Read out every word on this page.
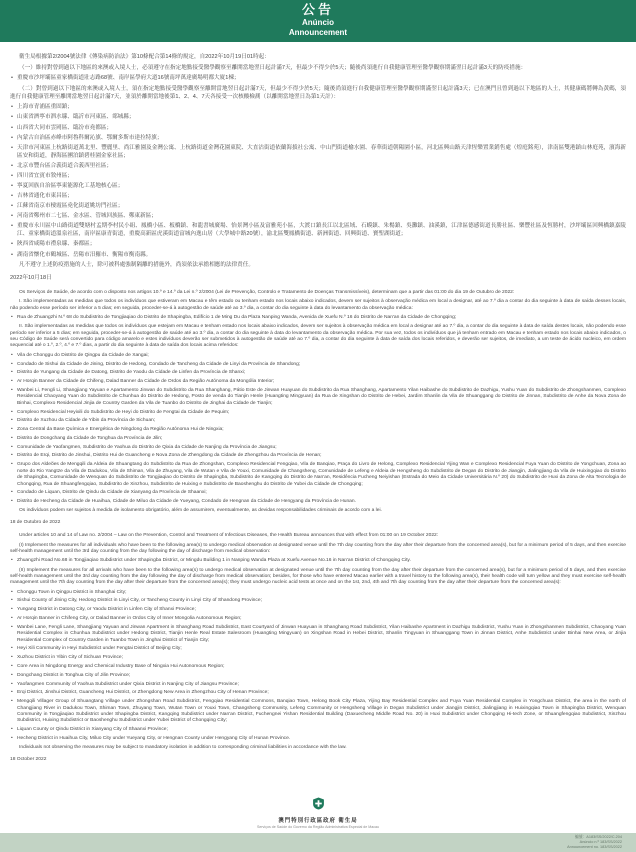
公告
Anúncio
Announcement

衛生局根據第2/2004號法律《傳染病防治法》第10條配合第14條的規定，自2022年10月19日01時起：

（一）維持對曾到過以下地區的來澳或入境人士，必須遵守在指定地點接受醫學觀察至離開當地翌日起計滿7天，但最少不得少於5天；隨後尚須進行自我健康管理至醫學觀察期滿翌日起計滿3天的防疫措施：

• 重慶市沙坪壩區童家橋街道壯志路68號、南岸區學府大道16號南坪萬達廣場明都大廈1棟；

（二）對曾到過以下地區的來澳或入境人士，須在指定地點接受醫學觀察至離開當地翌日起計滿7天，但最少不得少於5天；隨後尚須進行自我健康管理至醫學觀察期滿翌日起計滿3天；已在澳門且曾到過以下地區的人士，其健康碼將轉為黃碼，須進行自我健康管理至離開當地翌日起計滿7天，並須於離開當地後第1、2、4、7天各接受一次核酸檢測（以離開當地翌日為第1天計）：

• 上海市青浦區重固鎮；
• 山東省濟寧市泗水縣、臨沂市河東區、郯城縣；
• 山西省大同市雲岡區、臨汾市堯都區；
• 內蒙古自治區赤峰市阿魯科爾沁旗、鄂爾多斯市達拉特旗；
• 天津市河東區上杭路街道萬北里、豐麗里、尚江雅園及金灣公寓、上杭路街道金灣花園東院、大直沽街道依蘭海拔社公寓、中山門街道榆水園、春華街道朝陽園小區，河北區興山路天津恆樂置業銷售處（煌庭銘苑），津南區雙港鎮山林庭苑，濱海新區安和街道，靜海區團泊鎮碧桂園金家社區；
• 北京市豐台區合義街道合義西里社區；
• 四川省宜賓市敘州區；
• 寧夏回族自治區寧東能源化工基地核心區；
• 吉林省通化市東昌區；
• 江蘇省南京市棲霞區堯化街道姚坊門社區；
• 河南省鄭州市二七區、金水區、管城回族區、鄭東新區；
• 重慶市永川區中山路街道雙塘村孟期李村民小組、鳳橋小區、板橋鎮、和龍書城廣場、怡景灣小區及富雅苑小區，大渡口鎮長江以北區域、石蟆鎮、朱楊鎮、吳灘鎮、油溪鎮，江津區德感街道長勝社區、樂豐社區及恆勝村，沙坪壩區回興橋鎮嘉陵江、童家橋街道溫泉社區，南岸區康青街道，重慶高新區虎溪街道富城內逸山居（大學城中路20號），渝北區雙鳳橋街道、新洲街道、回興街道、寶聖湖街道；
• 陝西省咸陽市禮泉縣、秦都區；
• 湖南省懷化市鶴城區、岳陽市汨羅市、衡陽市衡南縣。

凡不遵守上述防疫措施的人士，除可被科處強制隔離的措施外，尚須依法承擔相應的法律責任。

2022年10月18日

Os Serviços de Saúde, de acordo com o disposto nos artigos 10.º e 14.º da Lei n.º 2/2004 (Lei de Prevenção, Controlo e Tratamento de Doenças Transmissíveis), determinam que a partir das 01:00 do dia 19 de Outubro de 2022:

I. São implementadas as medidas que todos os indivíduos que estiveram em Macau e têm estado ou tenham estado nos locais abaixo indicados, devem ser sujeitos à observação médica em local a designar, até ao 7.º dia a contar do dia seguinte à data de saída desses locais, não podendo esse período ser inferior a 5 dias; em seguida, proceder-se-á à autogestão de saúde até ao 3.º dia, a contar do dia seguinte à data do levantamento da observação médica:

• Rua de Zhuangzhi N.º 68 do Subdistrito de Tongjiaqiao do Distrito de Shapingba, Edifício 1 de Ming Du da Plaza Nanping Wanda, Avenida de Xuefu N.º 16 do Distrito de Nan'an da Cidade de Chongqing;

II. São implementadas as medidas que todos os indivíduos que estejam em Macau e tenham estado nos locais abaixo indicados, devem ser sujeitos à observação médica em local a designar até ao 7.º dia, a contar do dia seguinte à data de saída destes locais, não podendo esse período ser inferior a 5 dias; em seguida, proceder-se-á à autogestão de saúde até ao 3.º dia, a contar do dia seguinte à data do levantamento da observação médica. Por sua vez, todos os indivíduos que já tenham entrado em Macau e tenham estado nos locais abaixo indicados, o seu Código de Saúde será convertido para código amarelo e estes indivíduos deverão ser submetidos à autogestão de saúde até ao 7.º dia, a contar do dia seguinte à data de saída dos locais referidos, e deverão ser sujeitos, de imediato, a um teste de ácido nucleico, em ordem sequencial até o 1.º, 2.º, 4.º e 7.º dias, a partir do dia seguinte à data de saída dos locais acima referidos:

• Vila de Chonggu do Distrito de Qingpu da Cidade de Xangai;
• Condado de Sishui da Cidade de Jining, Distrito de Hedong, Condado de Tancheng da Cidade de Linyi da Província de Shandong;
• Distrito de Yungang da Cidade de Datong, Distrito de Yaodu da Cidade de Linfen da Província de Shanxi;
• Ar Horqin Banner da Cidade de Chifeng, Dalad Banner da Cidade de Ordos da Região Autónoma da Mongólia Interior;
• Wanbei Li, Fengli Li, Shangjiang Yayuan e Apartamento Jinwan do Subdistrito da Rua Shanghang, Pátio Este de Jinwan Huayuan do Subdistrito da Rua Shanghang, Apartamento Yilan Haibashe do Subdistrito de Dazhigu, Yushu Yuan do Subdistrito de Zhongshanmen, Complexo Residencial Chaoyang Yuan do Subdistrito de Chunhua do Distrito de Hedong, Posto de venda do Tianjin Henle (Huangting Mingyuan) da Rua de Xingshan do Distrito de Hebei, Jardim Shanlin da Vila de Shuanggang do Distrito de Jinnan, Subdistrito de Anhe da Nova Zona de Binhai, Complexo Residencial Jinjia de Country Garden da Vila de Tuanbo do Distrito de Jinghai da Cidade de Tianjin;
• Complexo Residencial Heyixili do Subdistrito de Heyi do Distrito de Fengtai da Cidade de Pequim;
• Distrito de Xuzhou da Cidade de Yibin da Província de Sichuan;
• Zona Central da Base Química e Energética de Ningdong da Região Autónoma Hui de Ningxia;
• Distrito de Dongchang da Cidade de Tonghua da Província de Jilin;
• Comunidade de Yaofangmen, Subdistrito de Yaohua do Distrito de Qixia da Cidade de Nanjing da Província de Jiangsu;
• Distrito de Erqi, Distrito de Jinshui, Distrito Hui de Guancheng e Nova Zona de Zhengdong da Cidade de Zhengzhou da Província de Henan;
• Grupo dos Aldeões de Mengqili da Aldeia de Shuangtang do Subdistrito da Rua de Zhongshan, Complexo Residencial Fengqiao, Vila de Banqiao, Praça do Livro de Helong, Complexo Residencial Yijing Wan e Complexo Residencial Fuya Yuan do Distrito de Yongchuan, Zona ao norte do Rio Yangtze da Vila de Dadukou, Vila de Shiman, Vila de Zhuyang, Vila de Wutan e Vila de Youxi, Comunidade de Changsheng, Comunidade de Lefeng e Aldeia de Hengsheng do Subdistrito de Degan do Distrito de Jiangjin, Jialingjiang da Vila de Huixingqiao do Distrito de Shapingba, Comunidade de Wenquan do Subdistrito de Tongjiaqiao do Distrito de Shapingba, Subdistrito de Kangqing do Distrito de Nan'an, Residência Fucheng Neiyishan (Estrada do Meio da Cidade Universitária N.º 20) do Subdistrito de Huxi da Zona de Alta Tecnologia de Chongqing, Rua de Shuangfengqiao, Subdistrito de Xinzhou, Subdistrito de Huixing e Subdistrito de Baoshenghu do Distrito de Yubei da Cidade de Chongqing;
• Condado de Liquan, Distrito de Qindu da Cidade de Xianyang da Província de Shaanxi;
• Distrito de Hecheng da Cidade de Huaihua, Cidade de Miluo da Cidade de Yueyang, Condado de Hengnan da Cidade de Hengyang da Província de Hunan.

Os indivíduos podem ser sujeitos à medida de isolamento obrigatório, além de assumirem, eventualmente, as devidas responsabilidades criminais de acordo com a lei.

18 de Outubro de 2022

Under articles 10 and 14 of Law no. 2/2004 – Law on the Prevention, Control and Treatment of Infectious Diseases, the Health Bureau announces that with effect from 01:00 on 19 October 2022:

(I) Implement the measures for all individuals who have been to the following area(s) to undergo medical observation at designated venue until the 7th day counting from the day after their departure from the concerned area(s), but for a minimum period of 5 days, and then exercise self-health management until the 3rd day counting from the day following the day of discharge from medical observation:

• Zhuangzhi Road No.68 in Tongjiaqiao Subdistrict under Shapingba District, or Mingdu Building 1 in Nanping Wanda Plaza at Xuefu Avenue No.16 in Nan'an District of Chongqing City.

(II) Implement the measures for all arrivals who have been to the following area(s) to undergo medical observation at designated venue until the 7th day counting from the day after their departure from the concerned area(s), but for a minimum period of 5 days, and then exercise self-health management until the 3rd day counting from the day following the day of discharge from medical observation; besides, for those who have entered Macao earlier with a travel history to the following area(s), their health code will turn yellow and they must exercise self-health management until the 7th day counting from the day after their departure from the concerned area(s); they must undergo nucleic acid tests at once and on the 1st, 2nd, 4th and 7th day counting from the day after their departure from the concerned area(s):

• Chonggu Town in Qingpu District in Shanghai City;
• Sishui County of Jining City, Hedong District in Linyi City, or Tancheng County in Linyi City of Shandong Province;
• Yungang District in Datong City, or Yaodu District in Linfen City of Shanxi Province;
• Ar Horqin Banner in Chifeng City, or Dalad Banner in Ordos City of Inner Mongolia Autonomous Region;
• Wanbei Lane, Fengli Lane, Shangjiang Yayuan and Jinwan Apartment in Shanghang Road Subdistrict, East Courtyard of Jinwan Huayuan in Shanghang Road Subdistrict, Yilan Haibashe Apartment in Dazhigu Subdistrict, Yushu Yuan in Zhongshanmen Subdistrict, Chaoyang Yuan Residential Complex in Chunhua Subdistrict under Hedong District, Tianjin Henle Real Estate Salesroom (Huangting Mingyuan) on Xingshan Road in Hebei District, Shanlin Tingyuan in Shuanggang Town in Jinnan District, Anhe Subdistrict under Binhai New Area, or Jinjia Residential Complex of Country Garden in Tuanbo Town in Jinghai District of Tianjin City;
• Heyi Xili Community in Heyi Subdistrict under Fengtai District of Beijing City;
• Xuzhou District in Yibin City of Sichuan Province;
• Core Area in Ningdong Energy and Chemical Industry Base of Ningxia Hui Autonomous Region;
• Dongchang District in Tonghua City of Jilin Province;
• Yaofangmen Community of Yaohua Subdistrict under Qixia District in Nanjing City of Jiangsu Province;
• Erqi District, Jinshui District, Guancheng Hui District, or Zhengdong New Area in Zhengzhou City of Henan Province;
• Mengqili Villager Group of Shuangtang Village under Zhongshan Road Subdistrict, Fengqiao Residential Commons, Banqiao Town, Helong Book City Plaza, Yijing Bay Residential Complex and Fuya Yuan Residential Complex in Yongchuan District, the area in the north of Changjiang River in Dadukou Town, Shiman Town, Zhuyang Town, Wutan Town or Youxi Town, Changsheng Community, Lefeng Community or Hengsheng Village in Degan Subdistrict under Jiangjin District, Jialingjiang in Huixingqiao Town in Shapingba District, Wenquan Community in Tongjiaqiao Subdistrict under Shapingba District, Kangqing Subdistrict under Nan'an District, Fuchengnei Yishan Residential Building (Daxuecheng Middle Road No. 20) in Huxi Subdistrict under Chongqing Hi-tech Zone, or Shuangfengqiao Subdistrict, Xinzhou Subdistrict, Huixing Subdistrict or Baoshenghu Subdistrict under Yubei District of Chongqing City;
• Liquan County or Qindu District in Xianyang City of Shaanxi Province;
• Hecheng District in Huaihua City, Miluo City under Yueyang City, or Hengnan County under Hengyang City of Hunan Province.

Individuals not observing the measures may be subject to mandatory isolation in addition to corresponding criminal liabilities in accordance with the law.

18 October 2022

澳門特別行政區政府 衛生局
Serviços de Saúde do Governo da Região Administrativa Especial de Macau
編號：A183/SS/2022/C.204
Anúncio n.º 183/SS/2022
Announcement no. 183/SS/2022
